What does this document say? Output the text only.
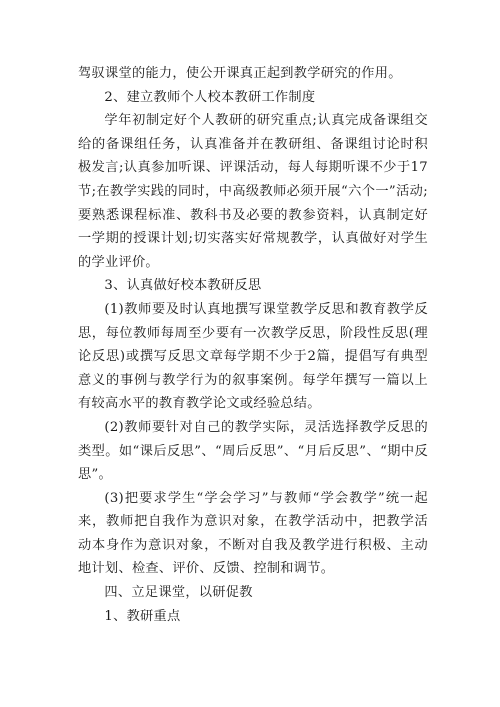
驾驭课堂的能力，使公开课真正起到教学研究的作用。

2、建立教师个人校本教研工作制度

学年初制定好个人教研的研究重点;认真完成备课组交给的备课组任务，认真准备并在教研组、备课组讨论时积极发言;认真参加听课、评课活动，每人每期听课不少于17节;在教学实践的同时，中高级教师必须开展“六个一”活动;要熟悉课程标准、教科书及必要的教参资料，认真制定好一学期的授课计划;切实落实好常规教学，认真做好对学生的学业评价。

3、认真做好校本教研反思

(1)教师要及时认真地撰写课堂教学反思和教育教学反思，每位教师每周至少要有一次教学反思，阶段性反思(理论反思)或撰写反思文章每学期不少于2篇，提倡写有典型意义的事例与教学行为的叙事案例。每学年撰写一篇以上有较高水平的教育教学论文或经验总结。

(2)教师要针对自己的教学实际，灵活选择教学反思的类型。如“课后反思”、“周后反思”、“月后反思”、“期中反思”。

(3)把要求学生“学会学习”与教师“学会教学”统一起来，教师把自我作为意识对象，在教学活动中，把教学活动本身作为意识对象，不断对自我及教学进行积极、主动地计划、检查、评价、反馈、控制和调节。

四、立足课堂，以研促教

1、教研重点
